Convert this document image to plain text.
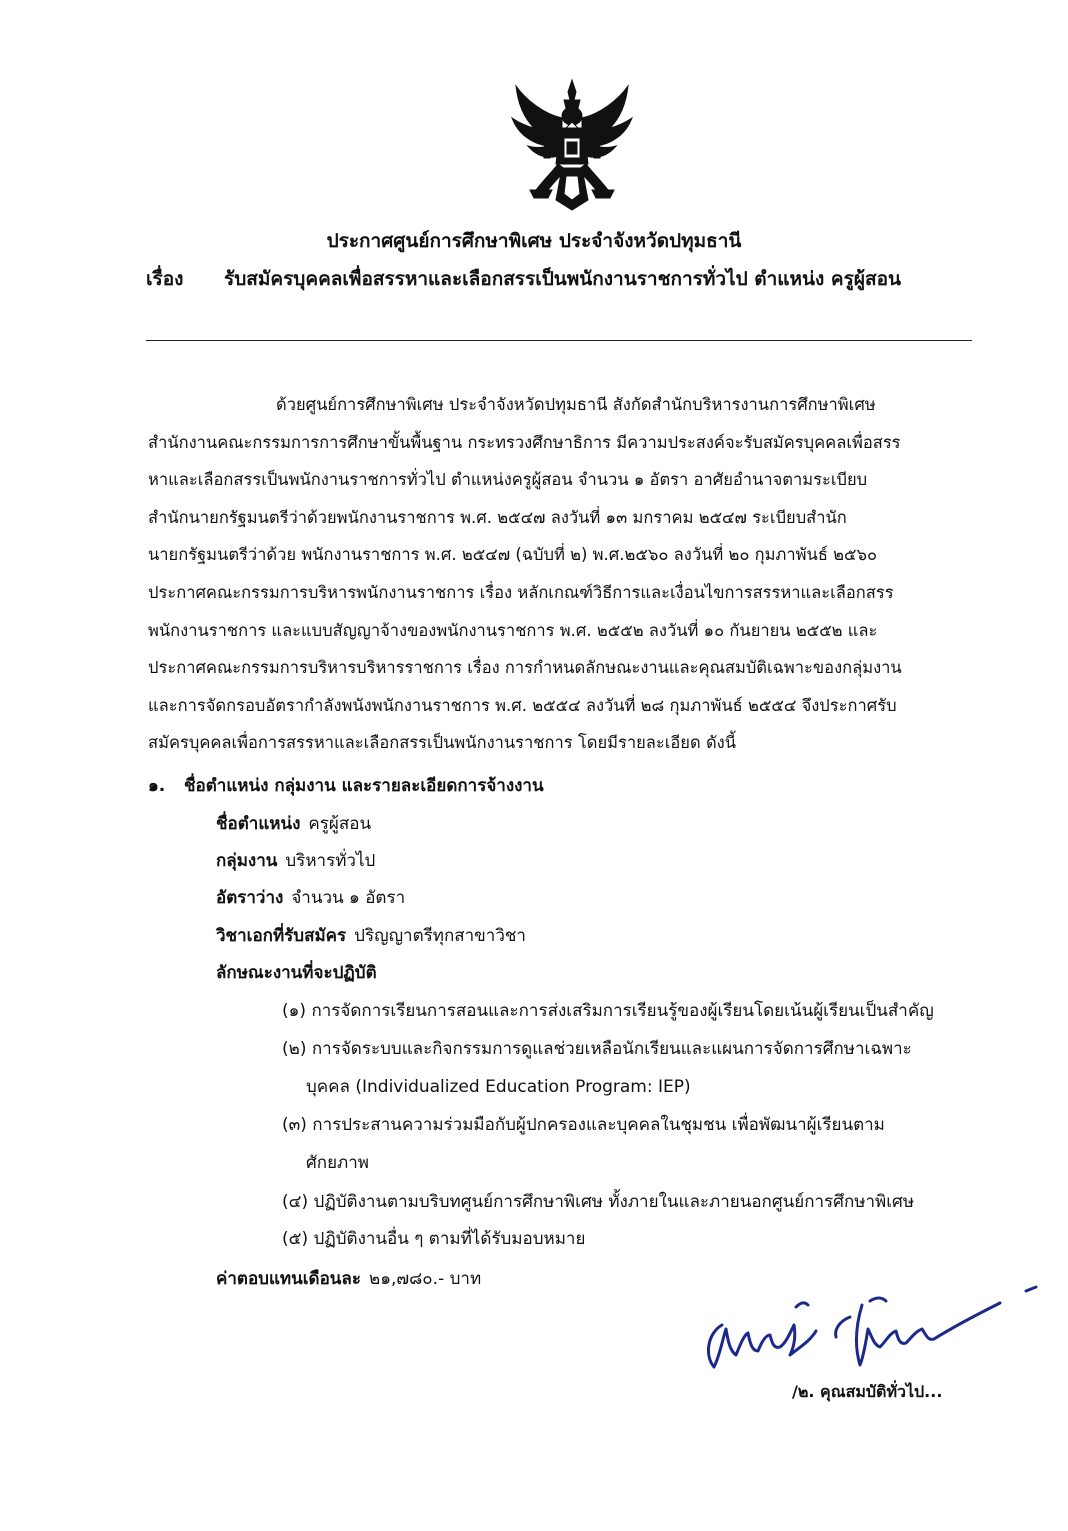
ประกาศศูนย์การศึกษาพิเศษ ประจำจังหวัดปทุมธานี
เรื่อง รับสมัครบุคคลเพื่อสรรหาและเลือกสรรเป็นพนักงานราชการทั่วไป ตำแหน่ง ครูผู้สอน
ด้วยศูนย์การศึกษาพิเศษ ประจำจังหวัดปทุมธานี สังกัดสำนักบริหารงานการศึกษาพิเศษ
สำนักงานคณะกรรมการการศึกษาขั้นพื้นฐาน กระทรวงศึกษาธิการ มีความประสงค์จะรับสมัครบุคคลเพื่อสรร
หาและเลือกสรรเป็นพนักงานราชการทั่วไป ตำแหน่งครูผู้สอน จำนวน ๑ อัตรา อาศัยอำนาจตามระเบียบ
สำนักนายกรัฐมนตรีว่าด้วยพนักงานราชการ พ.ศ. ๒๕๔๗ ลงวันที่ ๑๓ มกราคม ๒๕๔๗ ระเบียบสำนัก
นายกรัฐมนตรีว่าด้วย พนักงานราชการ พ.ศ. ๒๕๔๗ (ฉบับที่ ๒) พ.ศ.๒๕๖๐ ลงวันที่ ๒๐ กุมภาพันธ์ ๒๕๖๐
ประกาศคณะกรรมการบริหารพนักงานราชการ เรื่อง หลักเกณฑ์วิธีการและเงื่อนไขการสรรหาและเลือกสรร
พนักงานราชการ และแบบสัญญาจ้างของพนักงานราชการ พ.ศ. ๒๕๕๒ ลงวันที่ ๑๐ กันยายน ๒๕๕๒ และ
ประกาศคณะกรรมการบริหารบริหารราชการ เรื่อง การกำหนดลักษณะงานและคุณสมบัติเฉพาะของกลุ่มงาน
และการจัดกรอบอัตรากำลังพนังพนักงานราชการ พ.ศ. ๒๕๕๔ ลงวันที่ ๒๘ กุมภาพันธ์ ๒๕๕๔ จึงประกาศรับ
สมัครบุคคลเพื่อการสรรหาและเลือกสรรเป็นพนักงานราชการ โดยมีรายละเอียด ดังนี้
๑. ชื่อตำแหน่ง กลุ่มงาน และรายละเอียดการจ้างงาน
ชื่อตำแหน่ง ครูผู้สอน
กลุ่มงาน บริหารทั่วไป
อัตราว่าง จำนวน ๑ อัตรา
วิชาเอกที่รับสมัคร ปริญญาตรีทุกสาขาวิชา
ลักษณะงานที่จะปฏิบัติ
(๑) การจัดการเรียนการสอนและการส่งเสริมการเรียนรู้ของผู้เรียนโดยเน้นผู้เรียนเป็นสำคัญ
(๒) การจัดระบบและกิจกรรมการดูแลช่วยเหลือนักเรียนและแผนการจัดการศึกษาเฉพาะ
บุคคล (Individualized Education Program: IEP)
(๓) การประสานความร่วมมือกับผู้ปกครองและบุคคลในชุมชน เพื่อพัฒนาผู้เรียนตาม
ศักยภาพ
(๔) ปฏิบัติงานตามบริบทศูนย์การศึกษาพิเศษ ทั้งภายในและภายนอกศูนย์การศึกษาพิเศษ
(๕) ปฏิบัติงานอื่น ๆ ตามที่ได้รับมอบหมาย
ค่าตอบแทนเดือนละ ๒๑,๗๘๐.- บาท
/๒. คุณสมบัติทั่วไป...
